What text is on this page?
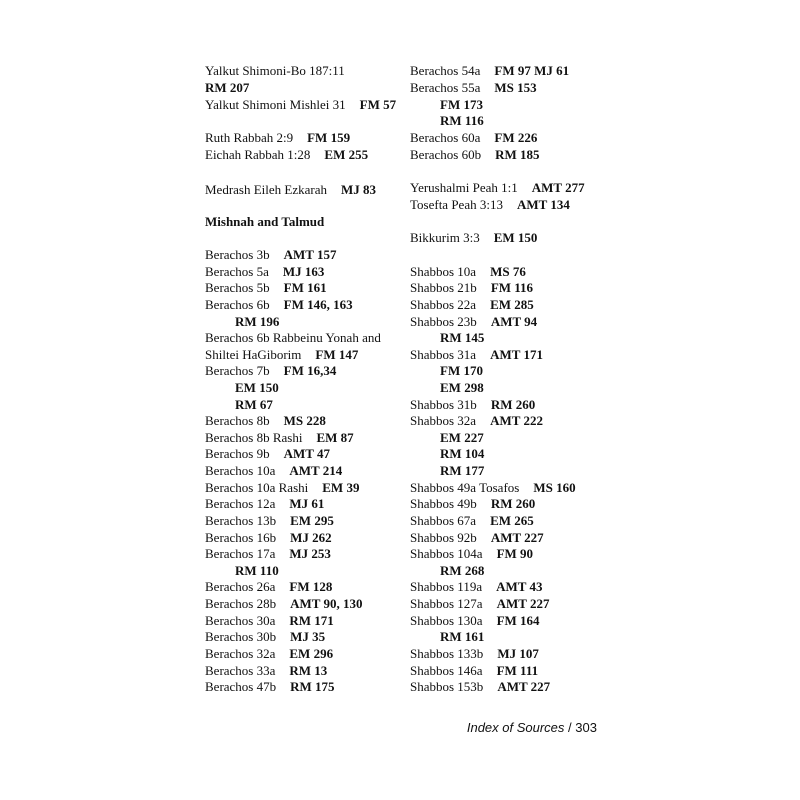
Yalkut Shimoni-Bo 187:11
RM 207
Yalkut Shimoni Mishlei 31 FM 57
Ruth Rabbah 2:9 FM 159
Eichah Rabbah 1:28 EM 255
Medrash Eileh Ezkarah MJ 83
Mishnah and Talmud
Berachos 3b AMT 157
Berachos 5a MJ 163
Berachos 5b FM 161
Berachos 6b FM 146, 163
RM 196
Berachos 6b Rabbeinu Yonah and
Shiltei HaGiborim FM 147
Berachos 7b FM 16,34
EM 150
RM 67
Berachos 8b MS 228
Berachos 8b Rashi EM 87
Berachos 9b AMT 47
Berachos 10a AMT 214
Berachos 10a Rashi EM 39
Berachos 12a MJ 61
Berachos 13b EM 295
Berachos 16b MJ 262
Berachos 17a MJ 253
RM 110
Berachos 26a FM 128
Berachos 28b AMT 90, 130
Berachos 30a RM 171
Berachos 30b MJ 35
Berachos 32a EM 296
Berachos 33a RM 13
Berachos 47b RM 175
Berachos 54a FM 97 MJ 61
Berachos 55a MS 153
FM 173
RM 116
Berachos 60a FM 226
Berachos 60b RM 185
Yerushalmi Peah 1:1 AMT 277
Tosefta Peah 3:13 AMT 134
Bikkurim 3:3 EM 150
Shabbos 10a MS 76
Shabbos 21b FM 116
Shabbos 22a EM 285
Shabbos 23b AMT 94
RM 145
Shabbos 31a AMT 171
FM 170
EM 298
Shabbos 31b RM 260
Shabbos 32a AMT 222
EM 227
RM 104
RM 177
Shabbos 49a Tosafos MS 160
Shabbos 49b RM 260
Shabbos 67a EM 265
Shabbos 92b AMT 227
Shabbos 104a FM 90
RM 268
Shabbos 119a AMT 43
Shabbos 127a AMT 227
Shabbos 130a FM 164
RM 161
Shabbos 133b MJ 107
Shabbos 146a FM 111
Shabbos 153b AMT 227
Index of Sources / 303
